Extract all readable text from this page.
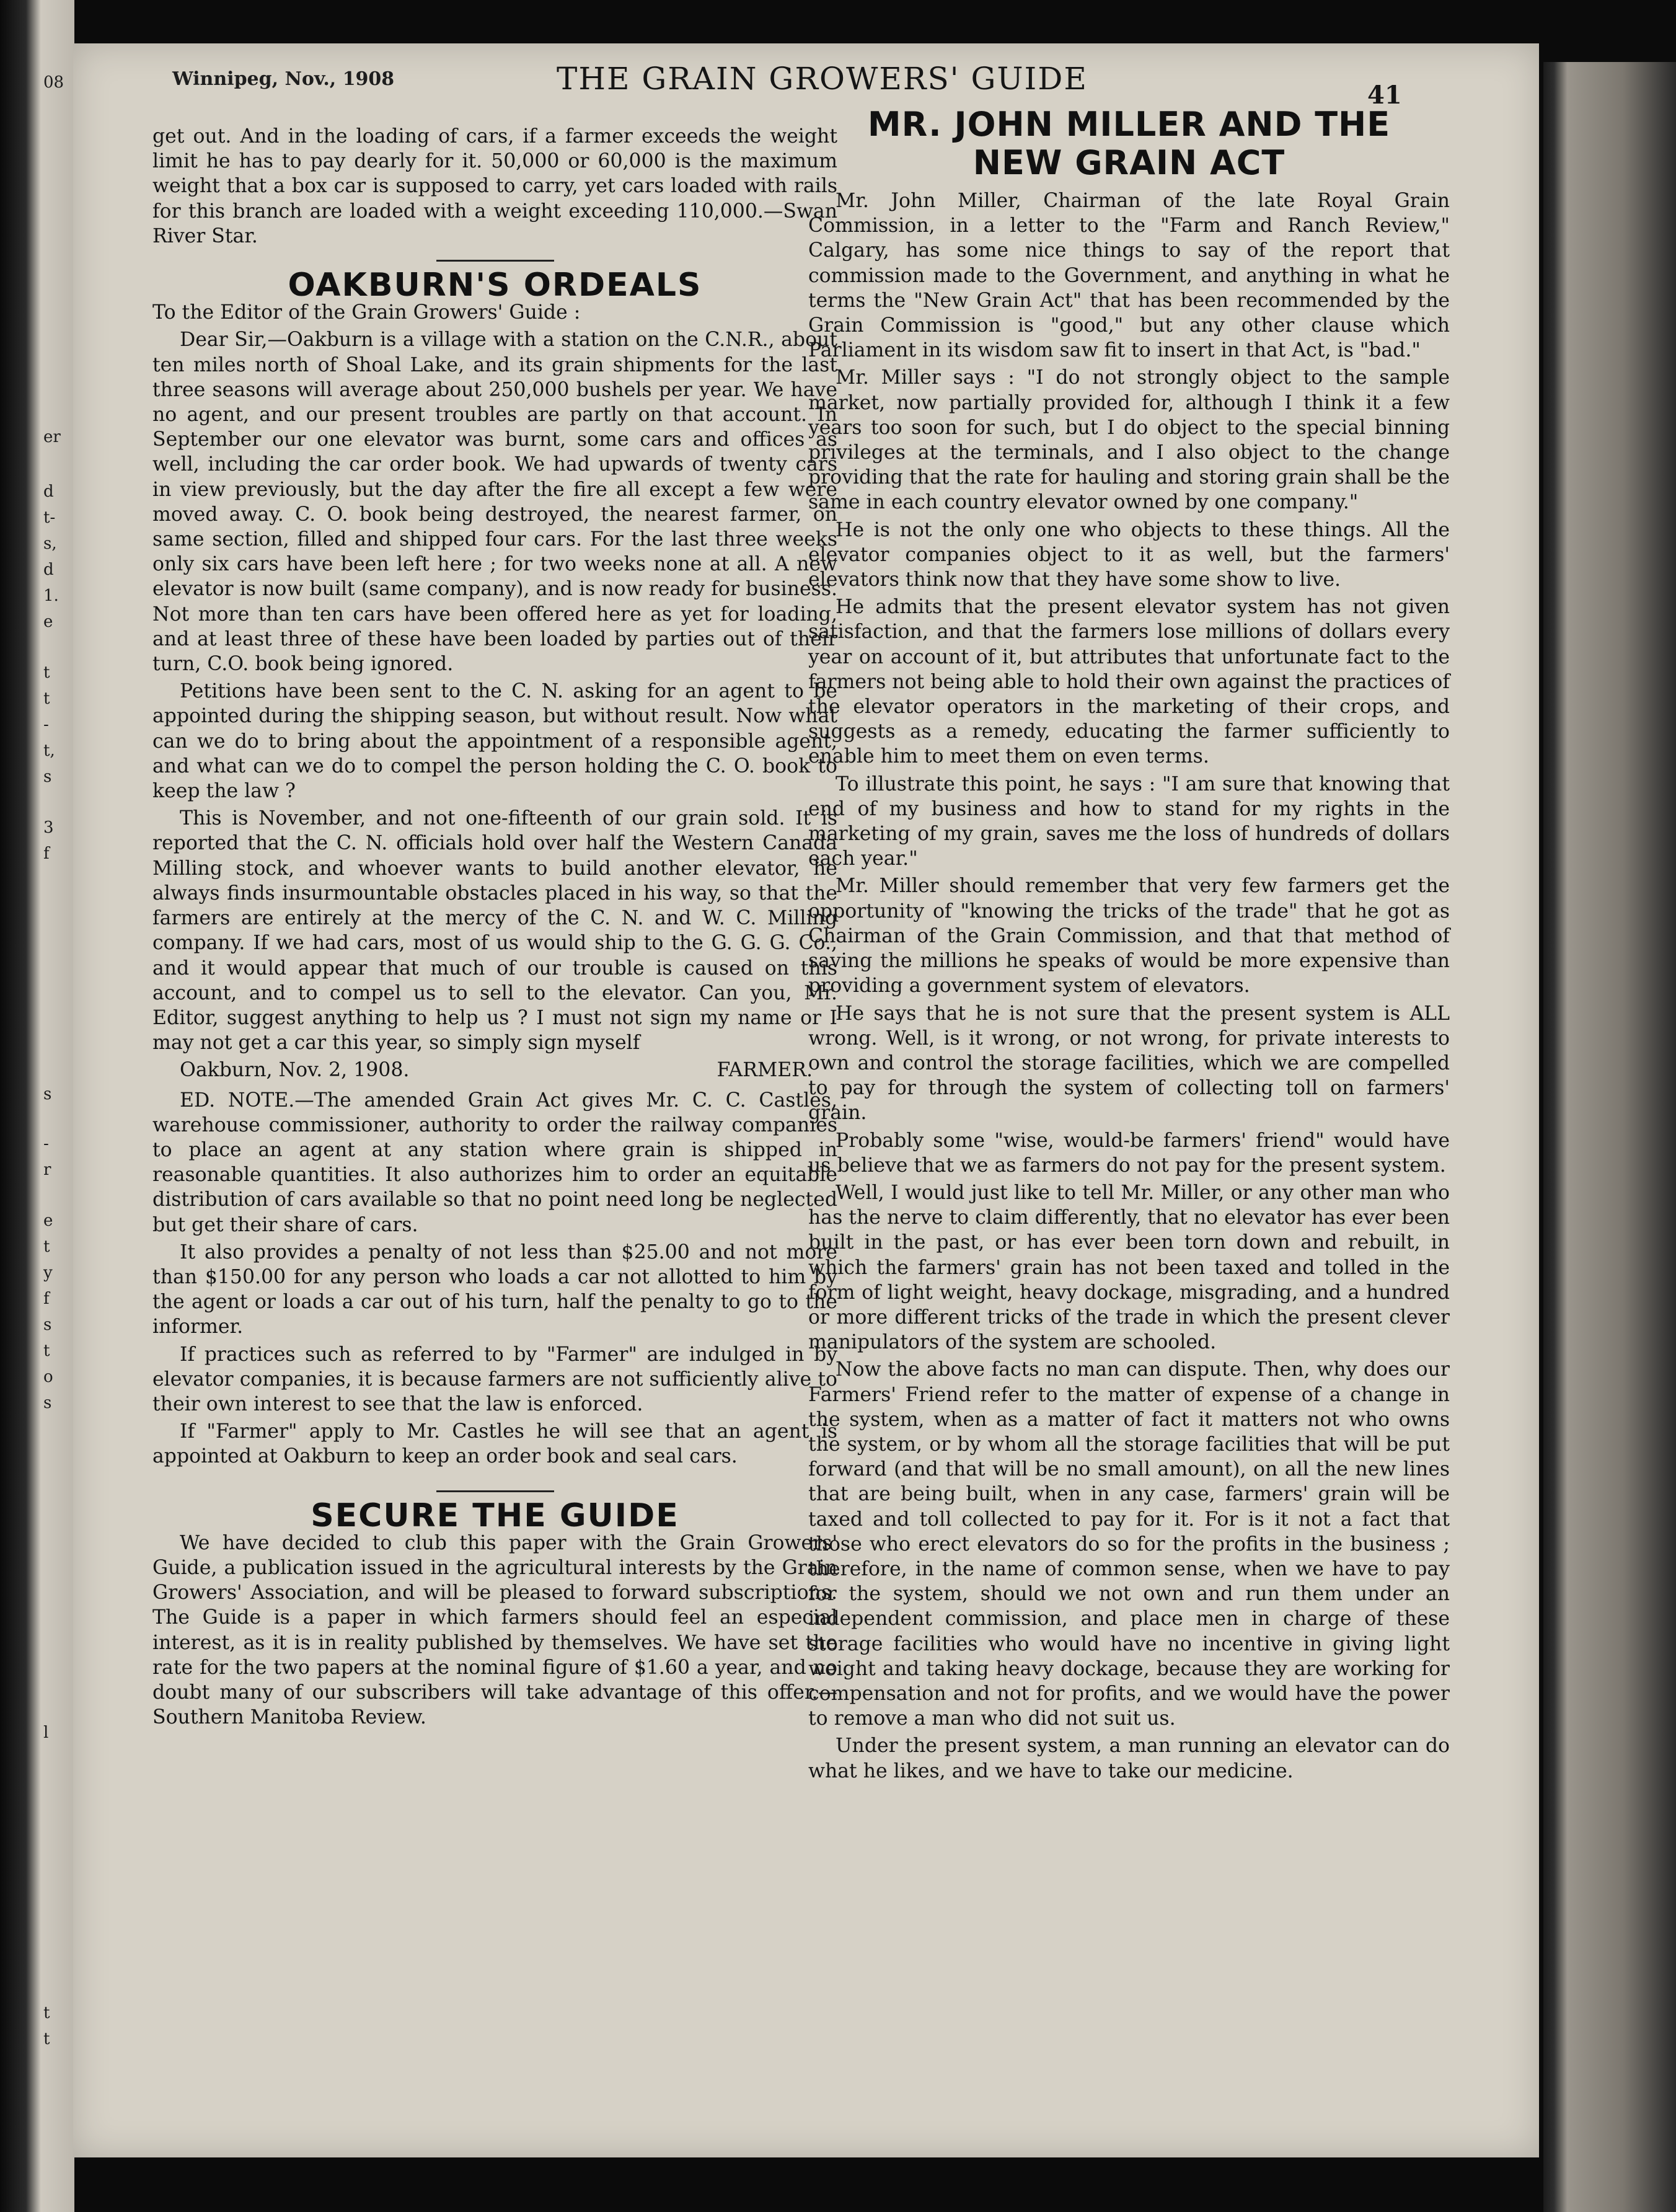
08
er
d
t-
s,
d
1.
e
t
t
-
t,
s
3
f
s
-
r
e
t
y
f
s
t
o
s
l
t
t
Winnipeg, Nov., 1908	THE GRAIN GROWERS' GUIDE	41

get out. And in the loading of cars, if a farmer exceeds the weight limit he has to pay dearly for it. 50,000 or 60,000 is the maximum weight that a box car is supposed to carry, yet cars loaded with rails for this branch are loaded with a weight exceeding 110,000.—Swan River Star.

OAKBURN'S ORDEALS

To the Editor of the Grain Growers' Guide :

Dear Sir,—Oakburn is a village with a station on the C.N.R., about ten miles north of Shoal Lake, and its grain shipments for the last three seasons will average about 250,000 bushels per year. We have no agent, and our present troubles are partly on that account. In September our one elevator was burnt, some cars and offices as well, including the car order book. We had upwards of twenty cars in view previously, but the day after the fire all except a few were moved away. C. O. book being destroyed, the nearest farmer, on same section, filled and shipped four cars. For the last three weeks only six cars have been left here ; for two weeks none at all. A new elevator is now built (same company), and is now ready for business. Not more than ten cars have been offered here as yet for loading, and at least three of these have been loaded by parties out of their turn, C.O. book being ignored.

Petitions have been sent to the C. N. asking for an agent to be appointed during the shipping season, but without result. Now what can we do to bring about the appointment of a responsible agent, and what can we do to compel the person holding the C. O. book to keep the law ?

This is November, and not one-fifteenth of our grain sold. It is reported that the C. N. officials hold over half the Western Canada Milling stock, and whoever wants to build another elevator, he always finds insurmountable obstacles placed in his way, so that the farmers are entirely at the mercy of the C. N. and W. C. Milling company. If we had cars, most of us would ship to the G. G. G. Co., and it would appear that much of our trouble is caused on this account, and to compel us to sell to the elevator. Can you, Mr. Editor, suggest anything to help us ? I must not sign my name or I may not get a car this year, so simply sign myself

Oakburn, Nov. 2, 1908.	FARMER.

ED. NOTE.—The amended Grain Act gives Mr. C. C. Castles, warehouse commissioner, authority to order the railway companies to place an agent at any station where grain is shipped in reasonable quantities. It also authorizes him to order an equitable distribution of cars available so that no point need long be neglected but get their share of cars.

It also provides a penalty of not less than $25.00 and not more than $150.00 for any person who loads a car not allotted to him by the agent or loads a car out of his turn, half the penalty to go to the informer.

If practices such as referred to by "Farmer" are indulged in by elevator companies, it is because farmers are not sufficiently alive to their own interest to see that the law is enforced.

If "Farmer" apply to Mr. Castles he will see that an agent is appointed at Oakburn to keep an order book and seal cars.

SECURE THE GUIDE

We have decided to club this paper with the Grain Growers' Guide, a publication issued in the agricultural interests by the Grain Growers' Association, and will be pleased to forward subscriptions. The Guide is a paper in which farmers should feel an especial interest, as it is in reality published by themselves. We have set the rate for the two papers at the nominal figure of $1.60 a year, and no doubt many of our subscribers will take advantage of this offer.—Southern Manitoba Review.

MR. JOHN MILLER AND THE
NEW GRAIN ACT

Mr. John Miller, Chairman of the late Royal Grain Commission, in a letter to the "Farm and Ranch Review," Calgary, has some nice things to say of the report that commission made to the Government, and anything in what he terms the "New Grain Act" that has been recommended by the Grain Commission is "good," but any other clause which Parliament in its wisdom saw fit to insert in that Act, is "bad."

Mr. Miller says : "I do not strongly object to the sample market, now partially provided for, although I think it a few years too soon for such, but I do object to the special binning privileges at the terminals, and I also object to the change providing that the rate for hauling and storing grain shall be the same in each country elevator owned by one company."

He is not the only one who objects to these things. All the elevator companies object to it as well, but the farmers' elevators think now that they have some show to live.

He admits that the present elevator system has not given satisfaction, and that the farmers lose millions of dollars every year on account of it, but attributes that unfortunate fact to the farmers not being able to hold their own against the practices of the elevator operators in the marketing of their crops, and suggests as a remedy, educating the farmer sufficiently to enable him to meet them on even terms.

To illustrate this point, he says : "I am sure that knowing that end of my business and how to stand for my rights in the marketing of my grain, saves me the loss of hundreds of dollars each year."

Mr. Miller should remember that very few farmers get the opportunity of "knowing the tricks of the trade" that he got as Chairman of the Grain Commission, and that that method of saving the millions he speaks of would be more expensive than providing a government system of elevators.

He says that he is not sure that the present system is ALL wrong. Well, is it wrong, or not wrong, for private interests to own and control the storage facilities, which we are compelled to pay for through the system of collecting toll on farmers' grain.

Probably some "wise, would-be farmers' friend" would have us believe that we as farmers do not pay for the present system.

Well, I would just like to tell Mr. Miller, or any other man who has the nerve to claim differently, that no elevator has ever been built in the past, or has ever been torn down and rebuilt, in which the farmers' grain has not been taxed and tolled in the form of light weight, heavy dockage, misgrading, and a hundred or more different tricks of the trade in which the present clever manipulators of the system are schooled.

Now the above facts no man can dispute. Then, why does our Farmers' Friend refer to the matter of expense of a change in the system, when as a matter of fact it matters not who owns the system, or by whom all the storage facilities that will be put forward (and that will be no small amount), on all the new lines that are being built, when in any case, farmers' grain will be taxed and toll collected to pay for it. For is it not a fact that those who erect elevators do so for the profits in the business ; therefore, in the name of common sense, when we have to pay for the system, should we not own and run them under an independent commission, and place men in charge of these storage facilities who would have no incentive in giving light weight and taking heavy dockage, because they are working for compensation and not for profits, and we would have the power to remove a man who did not suit us.

Under the present system, a man running an elevator can do what he likes, and we have to take our medicine.
